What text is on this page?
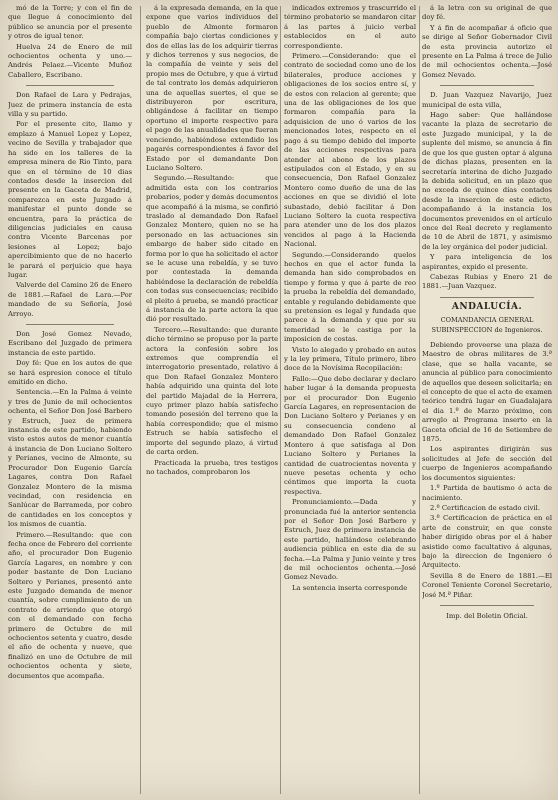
mó de la Torre; y con el fin de que llegue á conocimiento del público se anuncia por el presente y otros de igual tenor.

Huelva 24 de Enero de mil ochocientos ochenta y uno.—Andrés Pelaez.—Vicente Muñoz Caballero, Escribano.

Don Rafael de Lara y Pedrajas, Juez de primera instancia de esta villa y su partido.

Por el presente cito, llamo y emplazo á Manuel Lopez y Lopez, vecino de Sevilla y trabajador que ha sido en los talleres de la empresa minera de Rio Tinto, para que en el término de 10 dias contados desde la insercion del presente en la Gaceta de Madrid, comparezca en este Juzgado á manifestar el punto donde se encuentra, para la práctica de diligencias judiciales en causa contra Vicente Barcenas por lesiones al Lopez; bajo apercibimiento que de no hacerlo le parará el perjuicio que haya lugar.

Valverde del Camino 26 de Enero de 1881.—Rafael de Lara.—Por mandado de su Señoría, José Arroyo.

Don José Gomez Nevado, Escribano del Juzgado de primera instancia de este partido.

Doy fé: Que en los autos de que se hará espresion conoce el título emitido en dicho.

Sentencia.—En la Palma á veinte y tres de Junio de mil ochocientos ochenta, el Señor Don José Barbero y Estruch, Juez de primera instancia de este partido, habiendo visto estos autos de menor cuantía á instancia de Don Luciano Soltero y Perianes, vecino de Almonte, su Procurador Don Eugenio García Lagares, contra Don Rafael Gonzalez Montero de la misma vecindad, con residencia en Sanlúcar de Barrameda, por cobro de cantidades en los conceptos y los mismos de cuantía.

Primero.—Resultando: que con fecha once de Febrero del corriente año, el procurador Don Eugenio García Lagares, en nombre y con poder bastante de Don Luciano Soltero y Perianes, presentó ante este Juzgado demanda de menor cuantía, sobre cumplimiento de un contrato de arriendo que otorgó con el demandado con fecha primero de Octubre de mil ochocientos setenta y cuatro, desde el año de ochenta y nueve, que finalizó en uno de Octubre de mil ochocientos ochenta y siete, documentos que acompaña.

á la expresada demanda, en la que expone que varios individuos del pueblo de Almonte formaron compañía bajo ciertas condiciones y dos de ellas las de los adquirir tierras y dichos terrenos y sus negocios, de la compañía de veinte y seis del propio mes de Octubre, y que á virtud de tal contrato los demás adquirieron una de aquellas suertes, el que se distribuyeron por escritura, obligándose á facilitar en tiempo oportuno el importe respectivo para el pago de las anualidades que fueran venciendo, habiéndose extendido los pagarés correspondientes á favor del Estado por el demandante Don Luciano Soltero.

Segundo.—Resultando: que admitida esta con los contrarios probarios, poder y demás documentos que acompañó á la misma, se confirió traslado al demandado Don Rafael Gonzalez Montero, quien no se ha personado en las actuaciones sin embargo de haber sido citado en forma por lo que ha solicitado el actor se le acuse una rebeldía, y se tuvo por contestada la demanda habiéndose la declaración de rebeldía con todas sus consecuencias; recibido el pleito á prueba, se mandó practicar á instancia de la parte actora la que dió por resultado.

Tercero.—Resultando: que durante dicho término se propuso por la parte actora la confesión sobre los extremos que comprendía el interrogatorio presentado, relativo á que Don Rafael Gonzalez Montero había adquirido una quinta del lote del partido Majadal de la Herrera, cuyo primer plazo había satisfecho tomando posesión del terreno que la había correspondido; que el mismo Estruch se había satisfecho el importe del segundo plazo, á virtud de carta orden.

Practicada la prueba, tres testigos no tachados, comprobaron los

indicados extremos y trascurrido el término probatorio se mandaron citar á las partes á juicio verbal establecidos en el auto correspondiente.

Primero.—Considerando: que el contrato de sociedad como uno de los bilaterales, produce acciones y obligaciones de los socios entre sí, y de estos con relacion al gerente; que una de las obligaciones de los que formaron compañía para la adquisicion de uno ó varios de los mencionados lotes, respecto en el pago á su tiempo debido del importe de las acciones respectivas para atender al abono de los plazos estipulados con el Estado, y en su consecuencia, Don Rafael Gonzalez Montero como dueño de una de las acciones en que se dividió el lote subastado, debió facilitar á Don Luciano Soltero la cuota respectiva para atender uno de los dos plazos vencidos al pago á la Hacienda Nacional.

Segundo.—Considerando quelos hechos en que el actor funda la demanda han sido comprobados en tiempo y forma y que á parte de reo la prueba la rebeldía del demandado, entable y regulando debidamente que su pretension es legal y fundada que parece á la demanda y que por su temeridad se le castiga por la imposicion de costas.

Visto lo alegado y probado en autos y la ley primera, Título primero, libro doce de la Novísima Recopilación:

Fallo:—Que debo declarar y declaro haber lugar á la demanda propuesta por el procurador Don Eugenio García Lagares, en representacion de Don Luciano Soltero y Perianes y en su consecuencia condeno al demandado Don Rafael Gonzalez Montero á que satisfaga al Don Luciano Soltero y Perianes la cantidad de cuatrocientas noventa y nueve pesetas ochenta y ocho céntimos que importa la cuota respectiva.

Pronunciamiento.—Dada y pronunciada fué la anterior sentencia por el Señor Don José Barbero y Estruch, Juez de primera instancia de este partido, hallándose celebrando audiencia pública en este dia de su fecha.—La Palma y Junio veinte y tres de mil ochocientos ochenta.—José Gomez Nevado.

La sentencia inserta corresponde

á la letra con su original de que doy fé.

Y á fin de acompañar á oficio que se dirige al Señor Gobernador Civil de esta provincia autorizo el presente en La Palma á trece de Julio de mil ochocientos ochenta.—José Gomez Nevado.

D. Juan Vazquez Navarijo, Juez municipal de esta villa,

Hago saber: Que hallándose vacante la plaza de secretario de este Juzgado municipal, y la de suplente del mismo, se anuncia á fin de que los que gusten optar á alguna de dichas plazas, presenten en la secretaría interina de dicho Juzgado la debida solicitud, en un plazo que no exceda de quince días contados desde la insercion de este edicto, acompañando á la instancia los documentos prevenidos en el artículo once del Real decreto y reglamento de 10 de Abril de 1871, y asimismo de la ley orgánica del poder judicial.

Y para inteligencia de los aspirantes, expido el presente.

Cabezas Rubias y Enero 21 de 1881.—Juan Vazquez.

ANDALUCÍA.
COMANDANCIA GENERAL SUBINSPECCION de Ingenieros.

Debiendo proveerse una plaza de Maestro de obras militares de 3.ª clase, que se halla vacante, se anuncia al público para conocimiento de aquellos que deseen solicitarla; en el concepto de que el acto de examen teórico tendrá lugar en Guadalajara el dia 1.º de Marzo próximo, con arreglo al Programa inserto en la Gaceta oficial de 16 de Setiembre de 1875.

Los aspirantes dirigirán sus solicitudes al Jefe de sección del cuerpo de Ingenieros acompañando los documentos siguientes:

1.º Partida de bautismo ó acta de nacimiento.

2.º Certificacion de estado civil.

3.º Certificacion de práctica en el arte de construir, en que conste haber dirigido obras por el á haber asistido como facultativo á algunas, bajo la direccion de Ingeniero ó Arquitecto.

Sevilla 8 de Enero de 1881.—El Coronel Teniente Coronel Secretario, José M.ª Piñar.

Imp. del Boletin Oficial.
